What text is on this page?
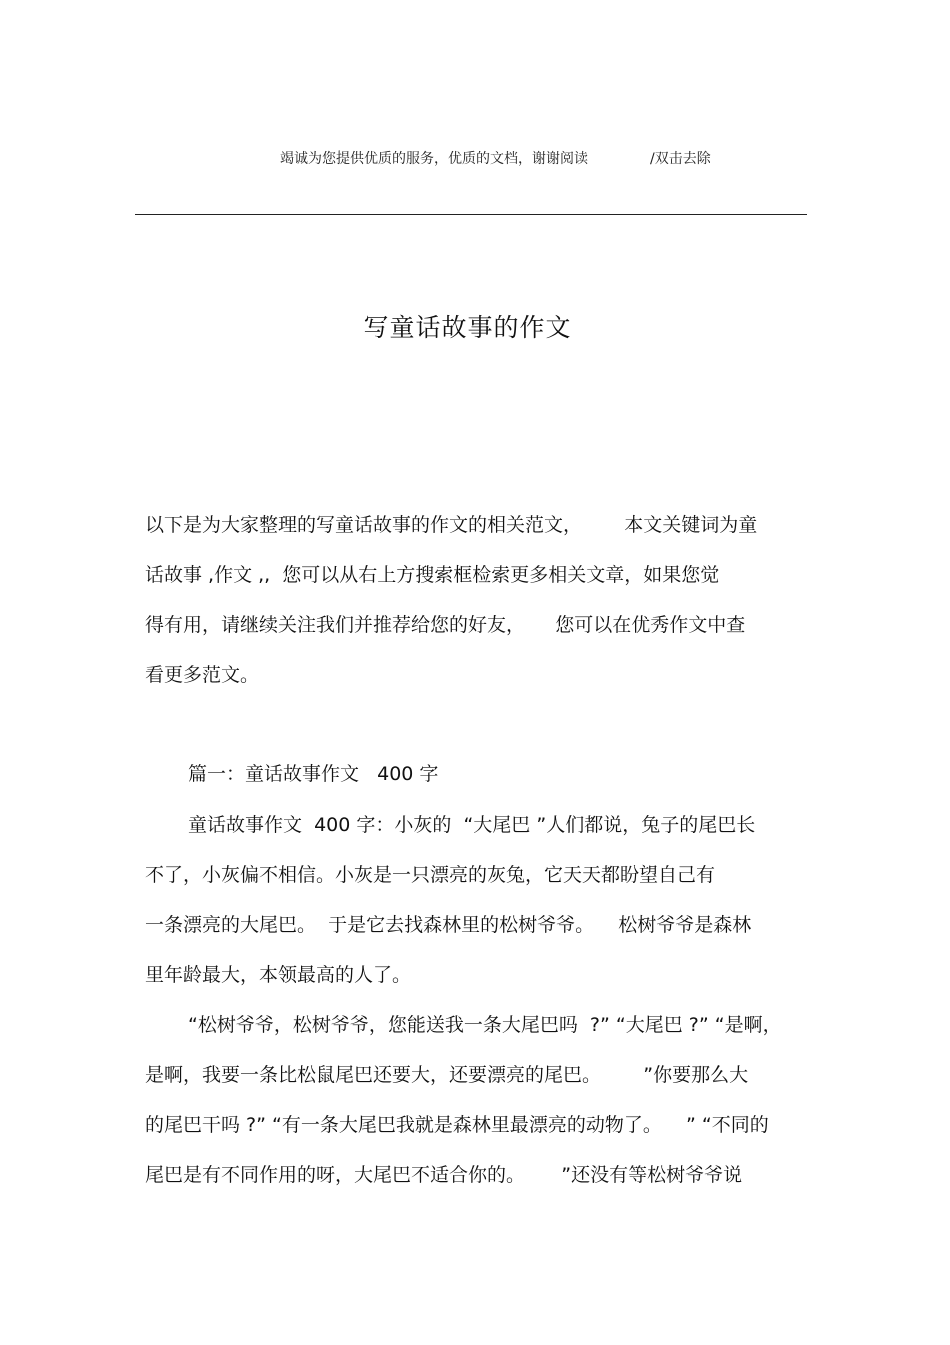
竭诚为您提供优质的服务，优质的文档，谢谢阅读

	/双击去除

写童话故事的作文
以下是为大家整理的写童话故事的作文的相关范文，       本文关键词为童
话故事 ,作文 ,,  您可以从右上方搜索框检索更多相关文章，如果您觉
得有用，请继续关注我们并推荐给您的好友，     您可以在优秀作文中查
看更多范文。
篇一：童话故事作文   400 字
童话故事作文  400 字：小灰的  “大尾巴 ”人们都说，兔子的尾巴长
不了，小灰偏不相信。小灰是一只漂亮的灰兔，它天天都盼望自己有
一条漂亮的大尾巴。  于是它去找森林里的松树爷爷。    松树爷爷是森林
里年龄最大，本领最高的人了。
“松树爷爷，松树爷爷，您能送我一条大尾巴吗  ?” “大尾巴 ?” “是啊，
是啊，我要一条比松鼠尾巴还要大，还要漂亮的尾巴。       ”你要那么大
的尾巴干吗 ?” “有一条大尾巴我就是森林里最漂亮的动物了。    ” “不同的
尾巴是有不同作用的呀，大尾巴不适合你的。      ”还没有等松树爷爷说
